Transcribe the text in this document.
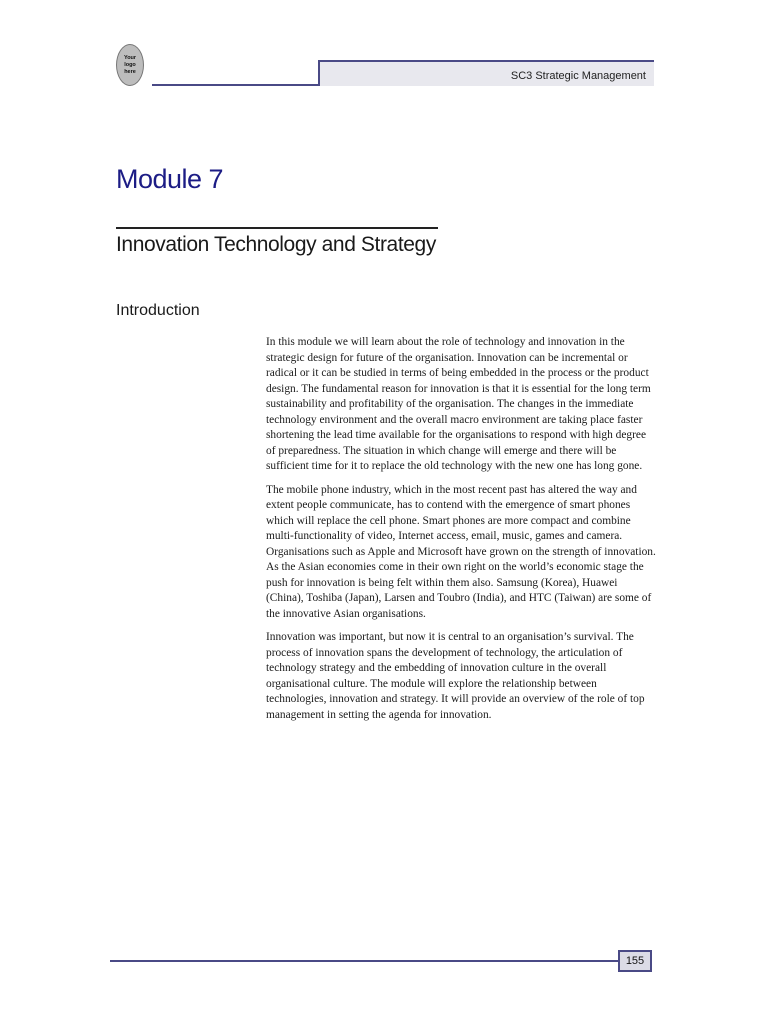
Your
logo
here	SC3 Strategic Management
Module 7
Innovation Technology and Strategy
Introduction

In this module we will learn about the role of technology and innovation in the strategic design for future of the organisation. Innovation can be incremental or radical or it can be studied in terms of being embedded in the process or the product design. The fundamental reason for innovation is that it is essential for the long term sustainability and profitability of the organisation. The changes in the immediate technology environment and the overall macro environment are taking place faster shortening the lead time available for the organisations to respond with high degree of preparedness. The situation in which change will emerge and there will be sufficient time for it to replace the old technology with the new one has long gone.

The mobile phone industry, which in the most recent past has altered the way and extent people communicate, has to contend with the emergence of smart phones which will replace the cell phone. Smart phones are more compact and combine multi-functionality of video, Internet access, email, music, games and camera. Organisations such as Apple and Microsoft have grown on the strength of innovation. As the Asian economies come in their own right on the world’s economic stage the push for innovation is being felt within them also. Samsung (Korea), Huawei (China), Toshiba (Japan), Larsen and Toubro (India), and HTC (Taiwan) are some of the innovative Asian organisations.

Innovation was important, but now it is central to an organisation’s survival. The process of innovation spans the development of technology, the articulation of technology strategy and the embedding of innovation culture in the overall organisational culture. The module will explore the relationship between technologies, innovation and strategy. It will provide an overview of the role of top management in setting the agenda for innovation.

155
